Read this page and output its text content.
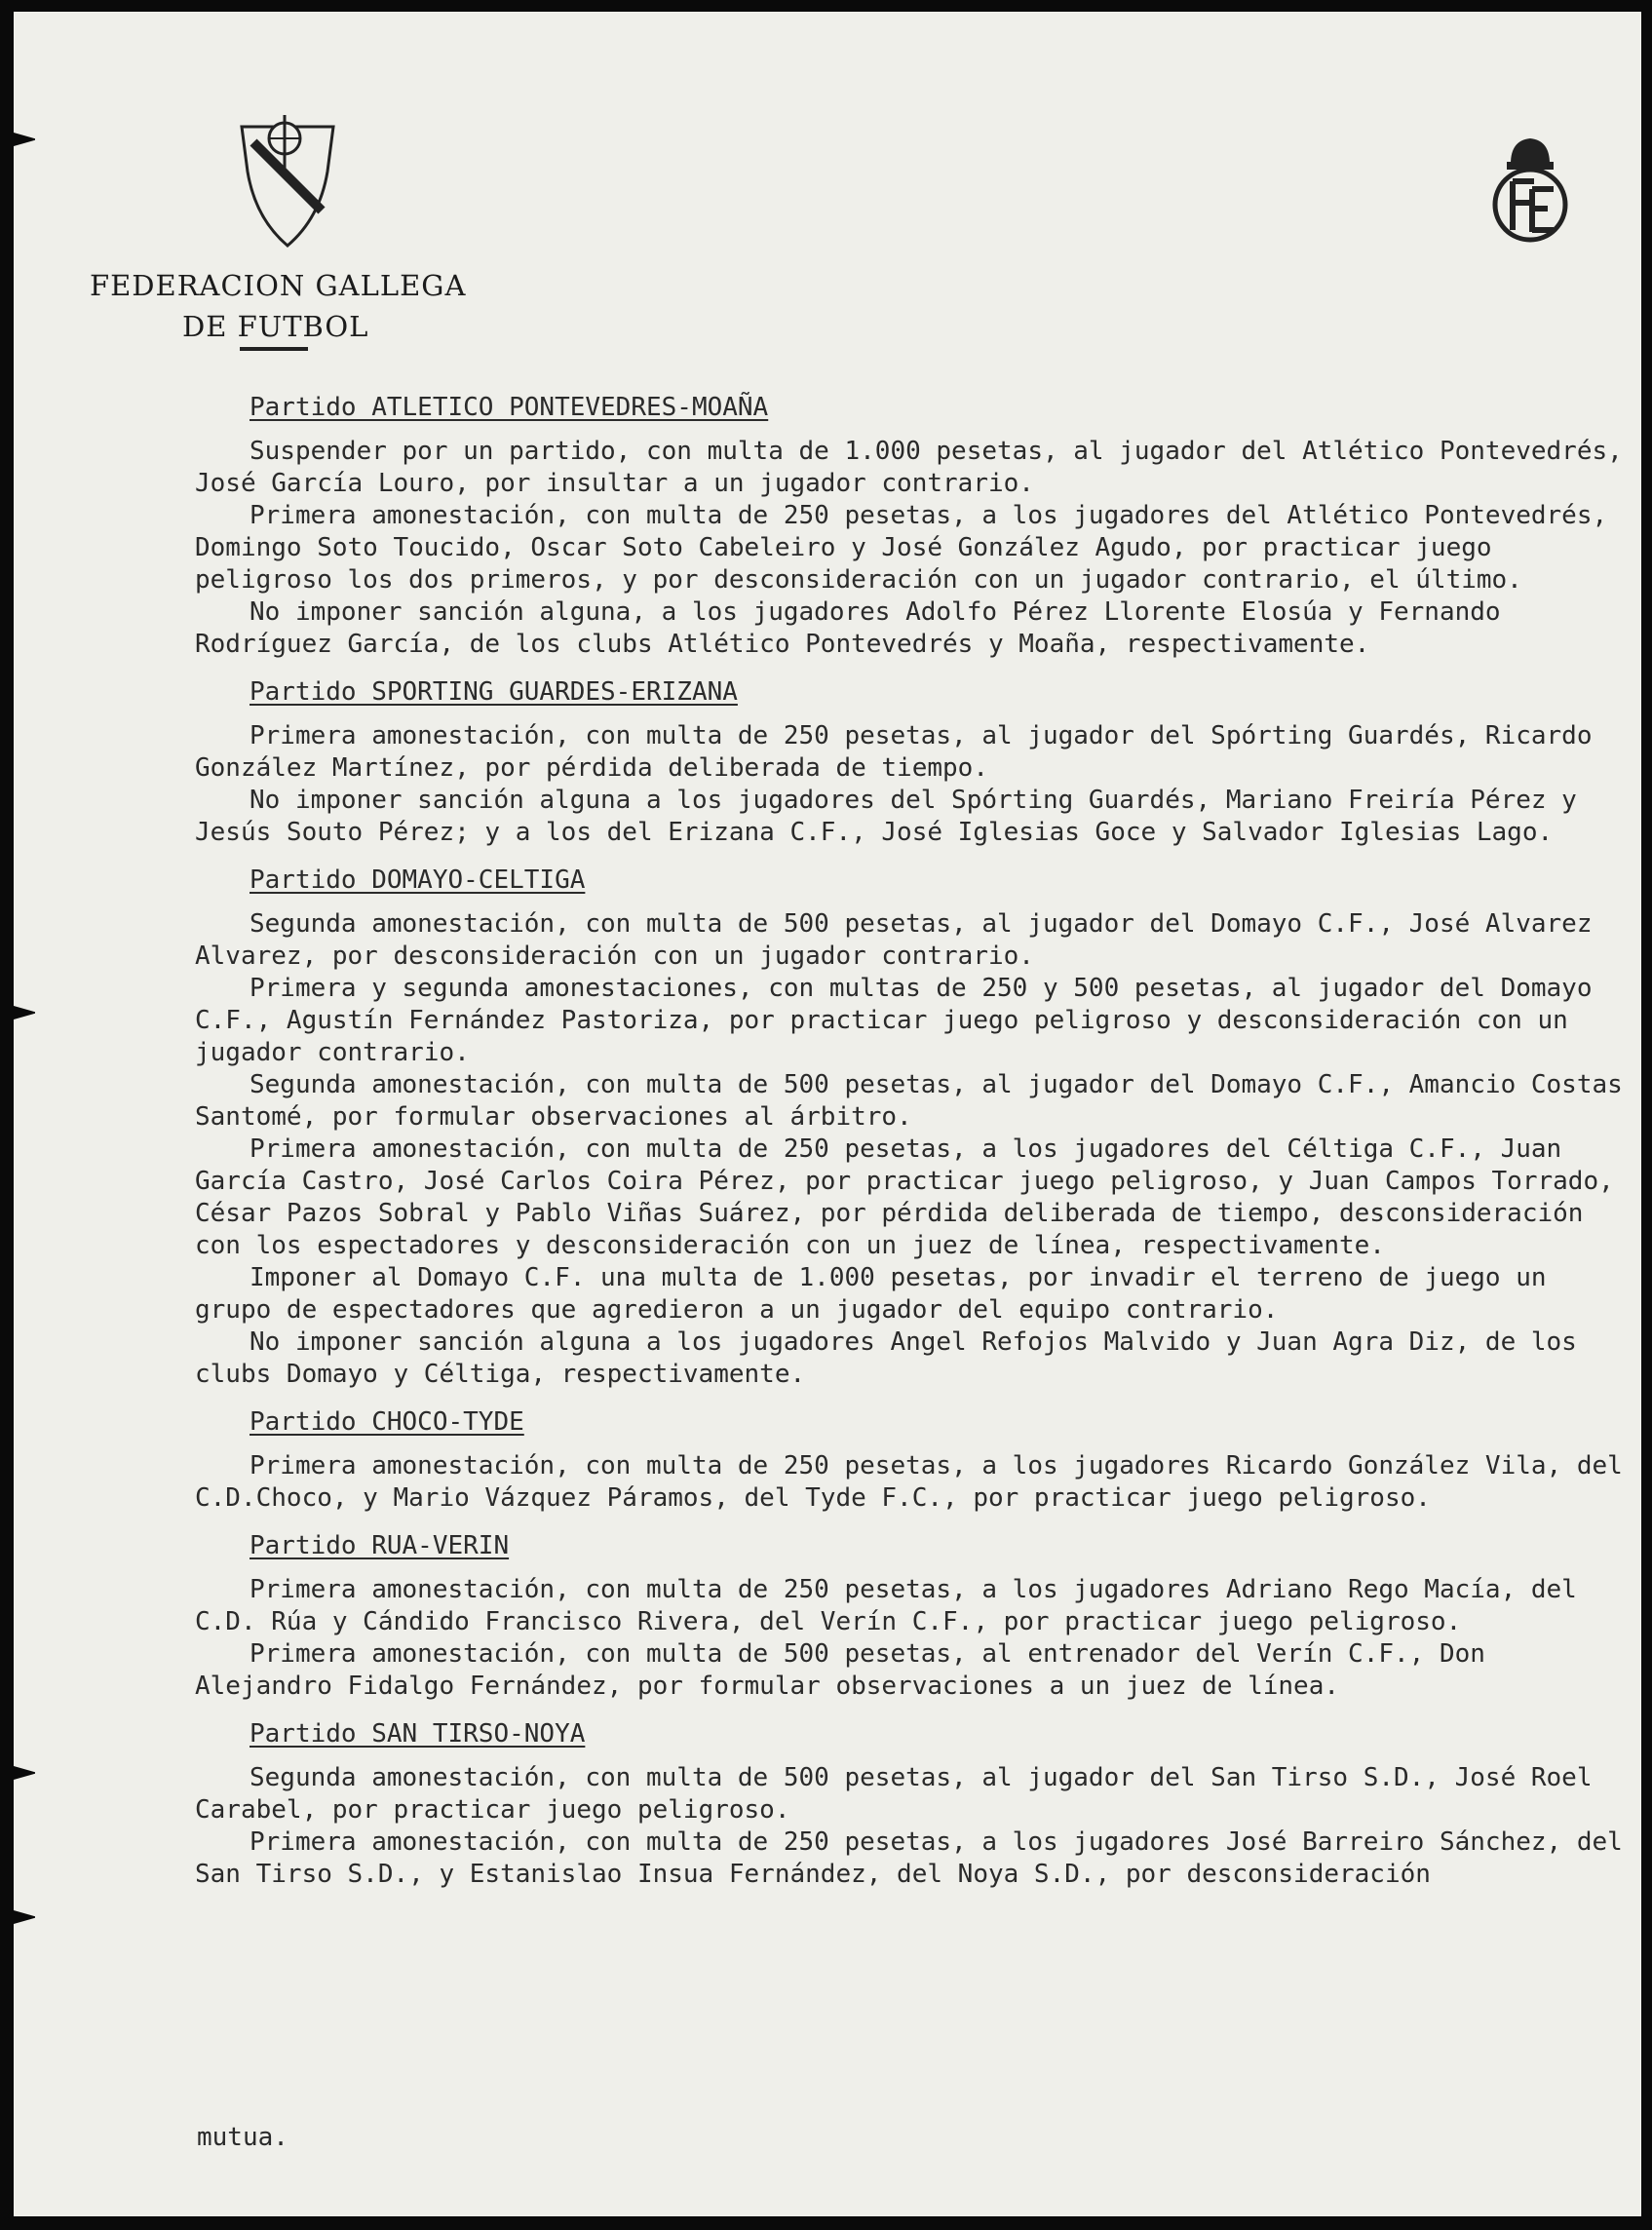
FEDERACION GALLEGA
DE FUTBOL
Partido ATLETICO PONTEVEDRES-MOAÑA

Suspender por un partido, con multa de 1.000 pesetas, al jugador del Atlético Pontevedrés, José García Louro, por insultar a un jugador contrario.

Primera amonestación, con multa de 250 pesetas, a los jugadores del Atlético Pontevedrés, Domingo Soto Toucido, Oscar Soto Cabeleiro y José González Agudo, por practicar juego peligroso los dos primeros, y por desconsideración con un jugador contrario, el último.

No imponer sanción alguna, a los jugadores Adolfo Pérez Llorente Elosúa y Fernando Rodríguez García, de los clubs Atlético Pontevedrés y Moaña, respectivamente.

Partido SPORTING GUARDES-ERIZANA

Primera amonestación, con multa de 250 pesetas, al jugador del Spórting Guardés, Ricardo González Martínez, por pérdida deliberada de tiempo.

No imponer sanción alguna a los jugadores del Spórting Guardés, Mariano Freiría Pérez y Jesús Souto Pérez; y a los del Erizana C.F., José Iglesias Goce y Salvador Iglesias Lago.

Partido DOMAYO-CELTIGA

Segunda amonestación, con multa de 500 pesetas, al jugador del Domayo C.F., José Alvarez Alvarez, por desconsideración con un jugador contrario.

Primera y segunda amonestaciones, con multas de 250 y 500 pesetas, al jugador del Domayo C.F., Agustín Fernández Pastoriza, por practicar juego peligroso y desconsideración con un jugador contrario.

Segunda amonestación, con multa de 500 pesetas, al jugador del Domayo C.F., Amancio Costas Santomé, por formular observaciones al árbitro.

Primera amonestación, con multa de 250 pesetas, a los jugadores del Céltiga C.F., Juan García Castro, José Carlos Coira Pérez, por practicar juego peligroso, y Juan Campos Torrado, César Pazos Sobral y Pablo Viñas Suárez, por pérdida deliberada de tiempo, desconsideración con los espectadores y desconsideración con un juez de línea, respectivamente.

Imponer al Domayo C.F. una multa de 1.000 pesetas, por invadir el terreno de juego un grupo de espectadores que agredieron a un jugador del equipo contrario.

No imponer sanción alguna a los jugadores Angel Refojos Malvido y Juan Agra Diz, de los clubs Domayo y Céltiga, respectivamente.

Partido CHOCO-TYDE

Primera amonestación, con multa de 250 pesetas, a los jugadores Ricardo González Vila, del C.D.Choco, y Mario Vázquez Páramos, del Tyde F.C., por practicar juego peligroso.

Partido RUA-VERIN

Primera amonestación, con multa de 250 pesetas, a los jugadores Adriano Rego Macía, del C.D. Rúa y Cándido Francisco Rivera, del Verín C.F., por practicar juego peligroso.

Primera amonestación, con multa de 500 pesetas, al entrenador del Verín C.F., Don Alejandro Fidalgo Fernández, por formular observaciones a un juez de línea.

Partido SAN TIRSO-NOYA

Segunda amonestación, con multa de 500 pesetas, al jugador del San Tirso S.D., José Roel Carabel, por practicar juego peligroso.

Primera amonestación, con multa de 250 pesetas, a los jugadores José Barreiro Sánchez, del San Tirso S.D., y Estanislao Insua Fernández, del Noya S.D., por desconsideración

mutua.
